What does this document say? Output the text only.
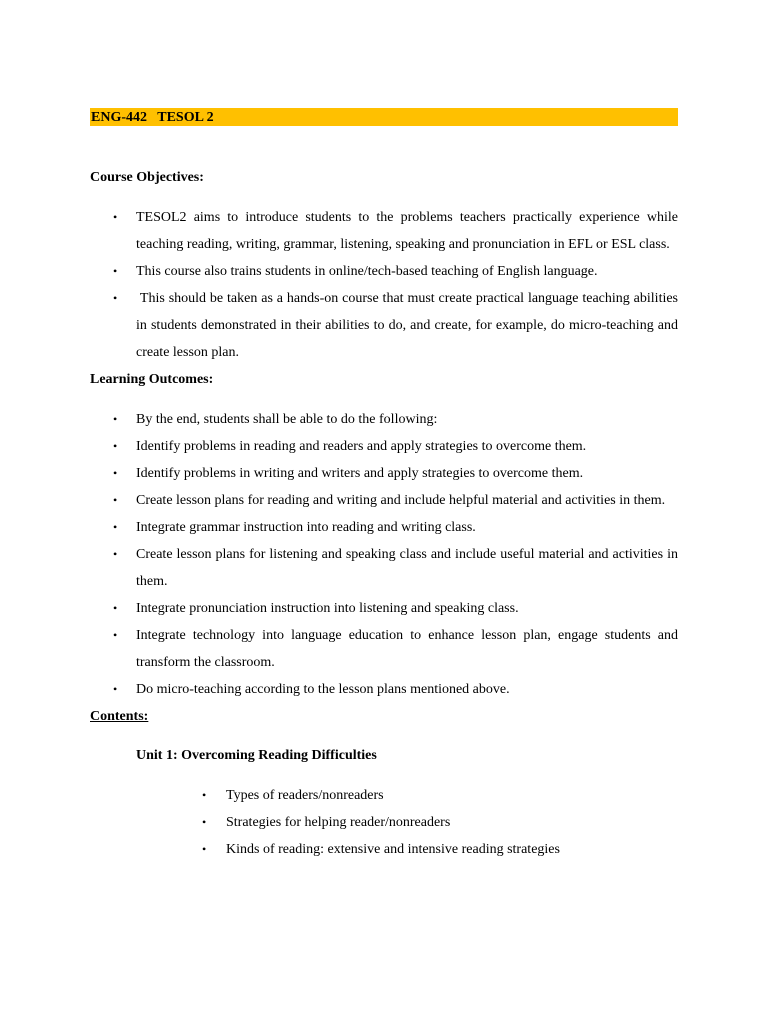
ENG-442   TESOL 2
Course Objectives:
• TESOL2 aims to introduce students to the problems teachers practically experience while teaching reading, writing, grammar, listening, speaking and pronunciation in EFL or ESL class.
• This course also trains students in online/tech-based teaching of English language.
• This should be taken as a hands-on course that must create practical language teaching abilities in students demonstrated in their abilities to do, and create, for example, do micro-teaching and create lesson plan.
Learning Outcomes:
• By the end, students shall be able to do the following:
• Identify problems in reading and readers and apply strategies to overcome them.
• Identify problems in writing and writers and apply strategies to overcome them.
• Create lesson plans for reading and writing and include helpful material and activities in them.
• Integrate grammar instruction into reading and writing class.
• Create lesson plans for listening and speaking class and include useful material and activities in them.
• Integrate pronunciation instruction into listening and speaking class.
• Integrate technology into language education to enhance lesson plan, engage students and transform the classroom.
• Do micro-teaching according to the lesson plans mentioned above.
Contents:
Unit 1: Overcoming Reading Difficulties
• Types of readers/nonreaders
• Strategies for helping reader/nonreaders
• Kinds of reading: extensive and intensive reading strategies
